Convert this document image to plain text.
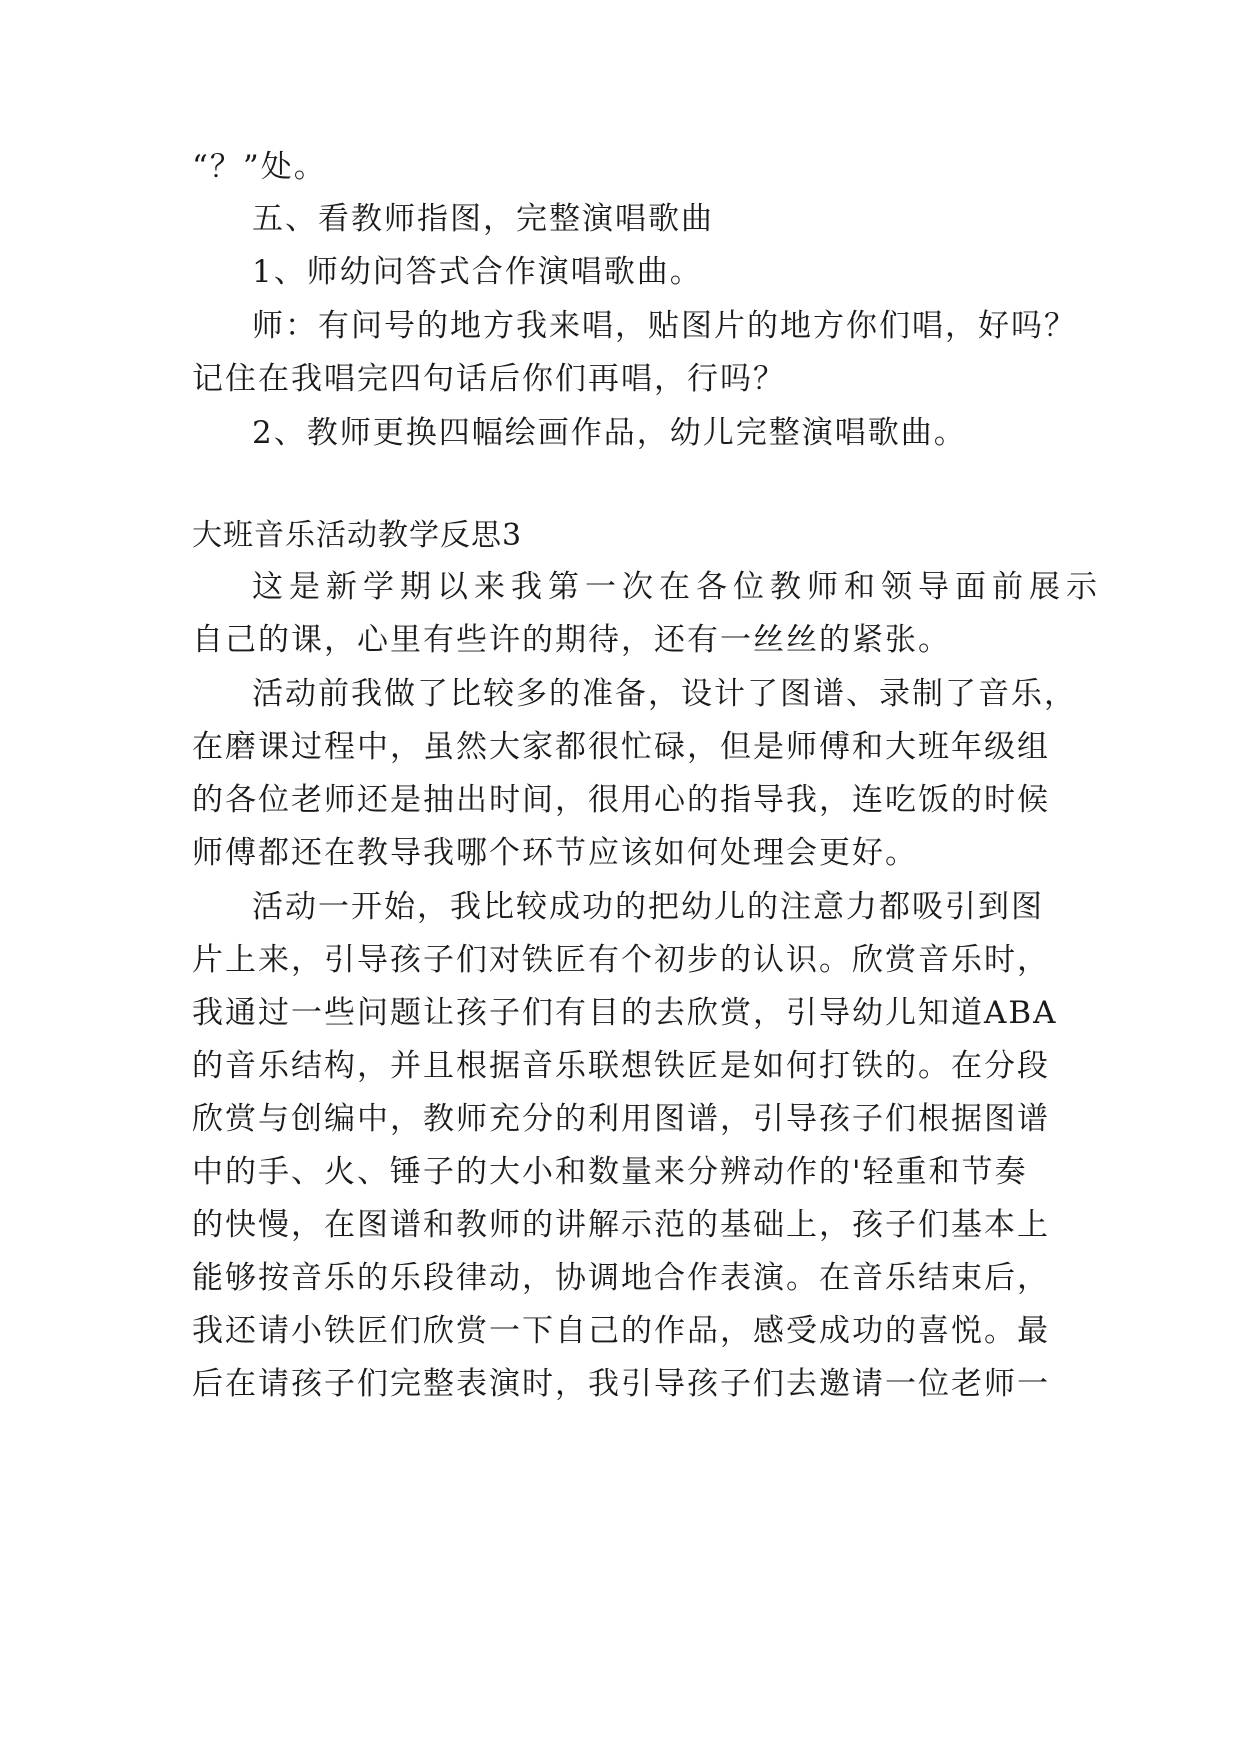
“？”处。
五、看教师指图，完整演唱歌曲
1、师幼问答式合作演唱歌曲。
师：有问号的地方我来唱，贴图片的地方你们唱，好吗？
记住在我唱完四句话后你们再唱，行吗？
2、教师更换四幅绘画作品，幼儿完整演唱歌曲。
大班音乐活动教学反思3
这是新学期以来我第一次在各位教师和领导面前展示
自己的课，心里有些许的期待，还有一丝丝的紧张。
活动前我做了比较多的准备，设计了图谱、录制了音乐，
在磨课过程中，虽然大家都很忙碌，但是师傅和大班年级组
的各位老师还是抽出时间，很用心的指导我，连吃饭的时候
师傅都还在教导我哪个环节应该如何处理会更好。
活动一开始，我比较成功的把幼儿的注意力都吸引到图
片上来，引导孩子们对铁匠有个初步的认识。欣赏音乐时，
我通过一些问题让孩子们有目的去欣赏，引导幼儿知道ABA
的音乐结构，并且根据音乐联想铁匠是如何打铁的。在分段
欣赏与创编中，教师充分的利用图谱，引导孩子们根据图谱
中的手、火、锤子的大小和数量来分辨动作的'轻重和节奏
的快慢，在图谱和教师的讲解示范的基础上，孩子们基本上
能够按音乐的乐段律动，协调地合作表演。在音乐结束后，
我还请小铁匠们欣赏一下自己的作品，感受成功的喜悦。最
后在请孩子们完整表演时，我引导孩子们去邀请一位老师一
